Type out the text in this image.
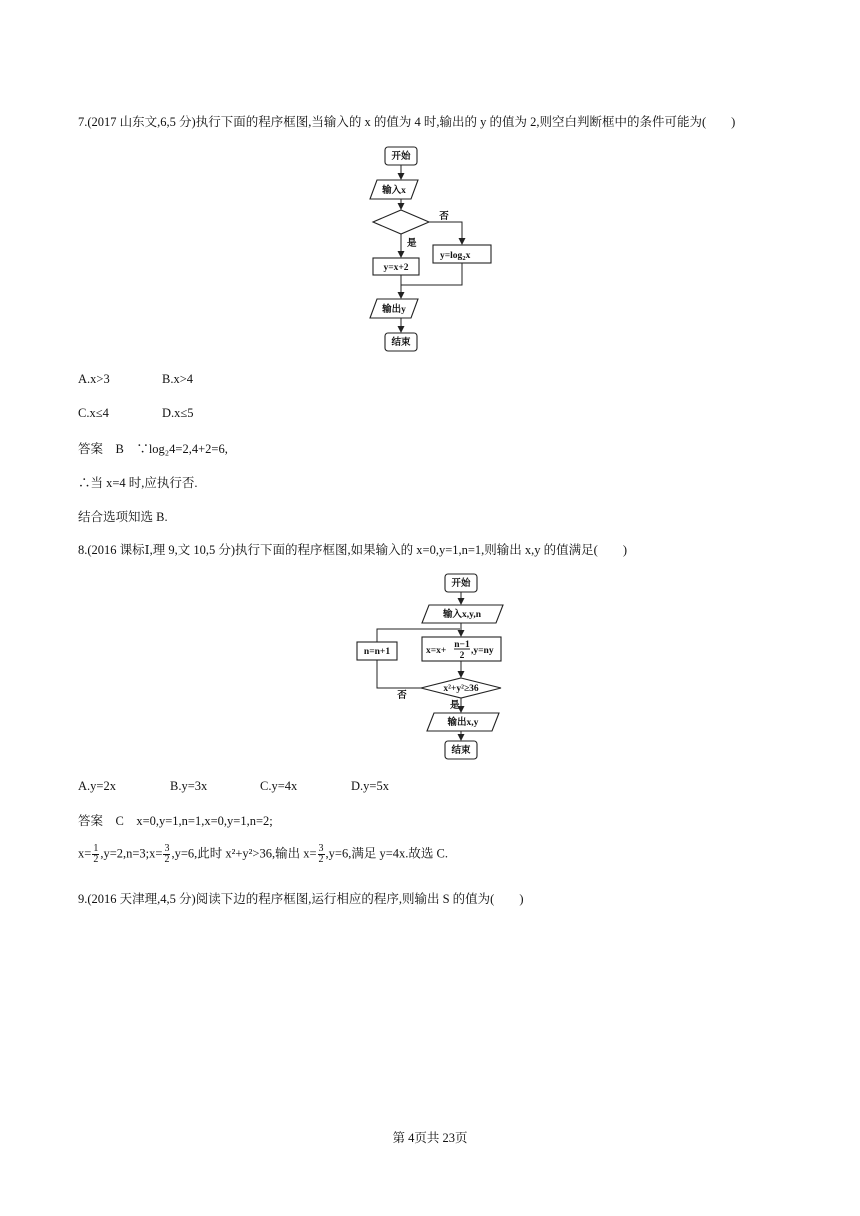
7.(2017 山东文,6,5 分)执行下面的程序框图,当输入的 x 的值为 4 时,输出的 y 的值为 2,则空白判断框中的条件可能为(　　)
开始
输入x
否
是
y=x+2
$y=\log_2x$
输出y
结束
A.x>3	B.x>4
C.x≤4	D.x≤5
答案　B　∵log₂4=2,4+2=6,
∴当 x=4 时,应执行否.
结合选项知选 B.
8.(2016 课标Ⅰ,理 9,文 10,5 分)执行下面的程序框图,如果输入的 x=0,y=1,n=1,则输出 x,y 的值满足(　　)
开始
输入x,y,n
x=x+
n−1
2 ,y=ny
x²+y²≥36
否
n=n+1
是
输出x,y
结束
A.y=2x	B.y=3x	C.y=4x	D.y=5x
答案　C　x=0,y=1,n=1,x=0,y=1,n=2;
$x= \frac{1}{2}$ ,y=2,n=3;x= $\frac{3}{2} ,y=6$,此时 x²+y²>36,输出 $x= \frac{3}{2} ,y=6$,满足 y=4x.故选 C.
9.(2016 天津理,4,5 分)阅读下边的程序框图,运行相应的程序,则输出 S 的值为(　　)
第 4页共 23页
